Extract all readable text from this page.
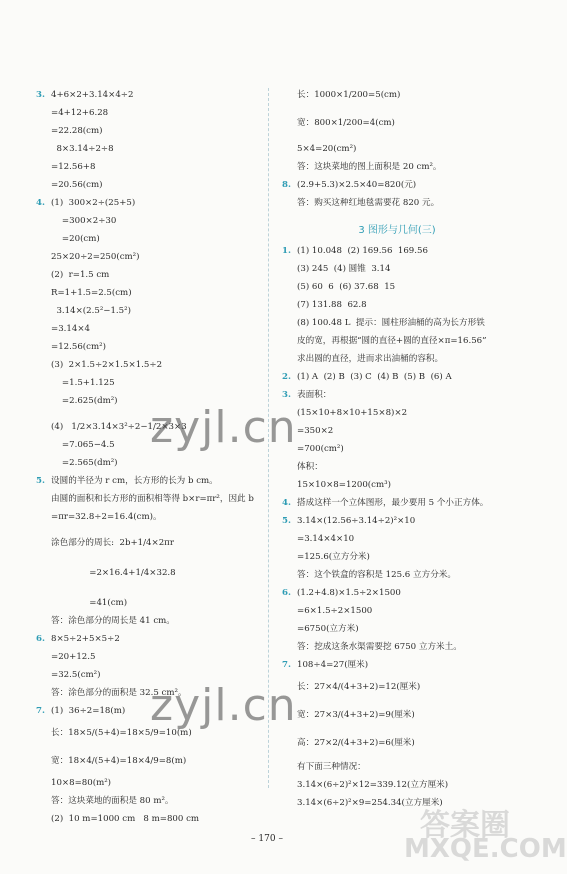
3. 4+6×2+3.14×4÷2
=4+12+6.28
=22.28(cm)
8×3.14÷2÷8
=12.56+8
=20.56(cm)
4. (1)  300×2÷(25+5)
=300×2÷30
=20(cm)
25×20÷2=250(cm²)
(2)  r=1.5 cm
R=1+1.5=2.5(cm)
3.14×(2.5²−1.5²)
=3.14×4
=12.56(cm²)
(3)  2×1.5÷2×1.5×1.5÷2
=1.5+1.125
=2.625(dm²)
(4)   1/2×3.14×3²÷2−1/2×3×3
=7.065−4.5
=2.565(dm²)
5. 设圆的半径为 r cm，长方形的长为 b cm。
由圆的面积和长方形的面积相等得 b×r=πr²，因此 b
=πr=32.8÷2=16.4(cm)。
涂色部分的周长:  2b+1/4×2πr
=2×16.4+1/4×32.8
=41(cm)
答：涂色部分的周长是 41 cm。
6. 8×5÷2+5×5÷2
=20+12.5
=32.5(cm²)
答：涂色部分的面积是 32.5 cm²。
7. (1)  36÷2=18(m)
长：18×5/(5+4)=18×5/9=10(m)
宽：18×4/(5+4)=18×4/9=8(m)
10×8=80(m²)
答：这块菜地的面积是 80 m²。
(2)  10 m=1000 cm   8 m=800 cm
长：1000×1/200=5(cm)
宽：800×1/200=4(cm)
5×4=20(cm²)
答：这块菜地的图上面积是 20 cm²。
8. (2.9+5.3)×2.5×40=820(元)
答：购买这种红地毯需要花 820 元。
3 图形与几何(三)
1. (1) 10.048  (2) 169.56  169.56
(3) 245  (4) 圆锥  3.14
(5) 60  6  (6) 37.68  15
(7) 131.88  62.8
(8) 100.48 L  提示：圆柱形油桶的高为长方形铁
皮的宽，再根据“圆的直径+圆的直径×π=16.56”
求出圆的直径，进而求出油桶的容积。
2. (1) A  (2) B  (3) C  (4) B  (5) B  (6) A
3. 表面积：
(15×10+8×10+15×8)×2
=350×2
=700(cm²)
体积：
15×10×8=1200(cm³)
4. 搭成这样一个立体图形，最少要用 5 个小正方体。
5. 3.14×(12.56÷3.14÷2)²×10
=3.14×4×10
=125.6(立方分米)
答：这个铁盒的容积是 125.6 立方分米。
6. (1.2+4.8)×1.5÷2×1500
=6×1.5÷2×1500
=6750(立方米)
答：挖成这条水渠需要挖 6750 立方米土。
7. 108÷4=27(厘米)
长：27×4/(4+3+2)=12(厘米)
宽：27×3/(4+3+2)=9(厘米)
高：27×2/(4+3+2)=6(厘米)
有下面三种情况：
3.14×(6÷2)²×12=339.12(立方厘米)
3.14×(6÷2)²×9=254.34(立方厘米)
zyjl.cn
zyjl.cn
答案圈
MXQE.COM
– 170 –
